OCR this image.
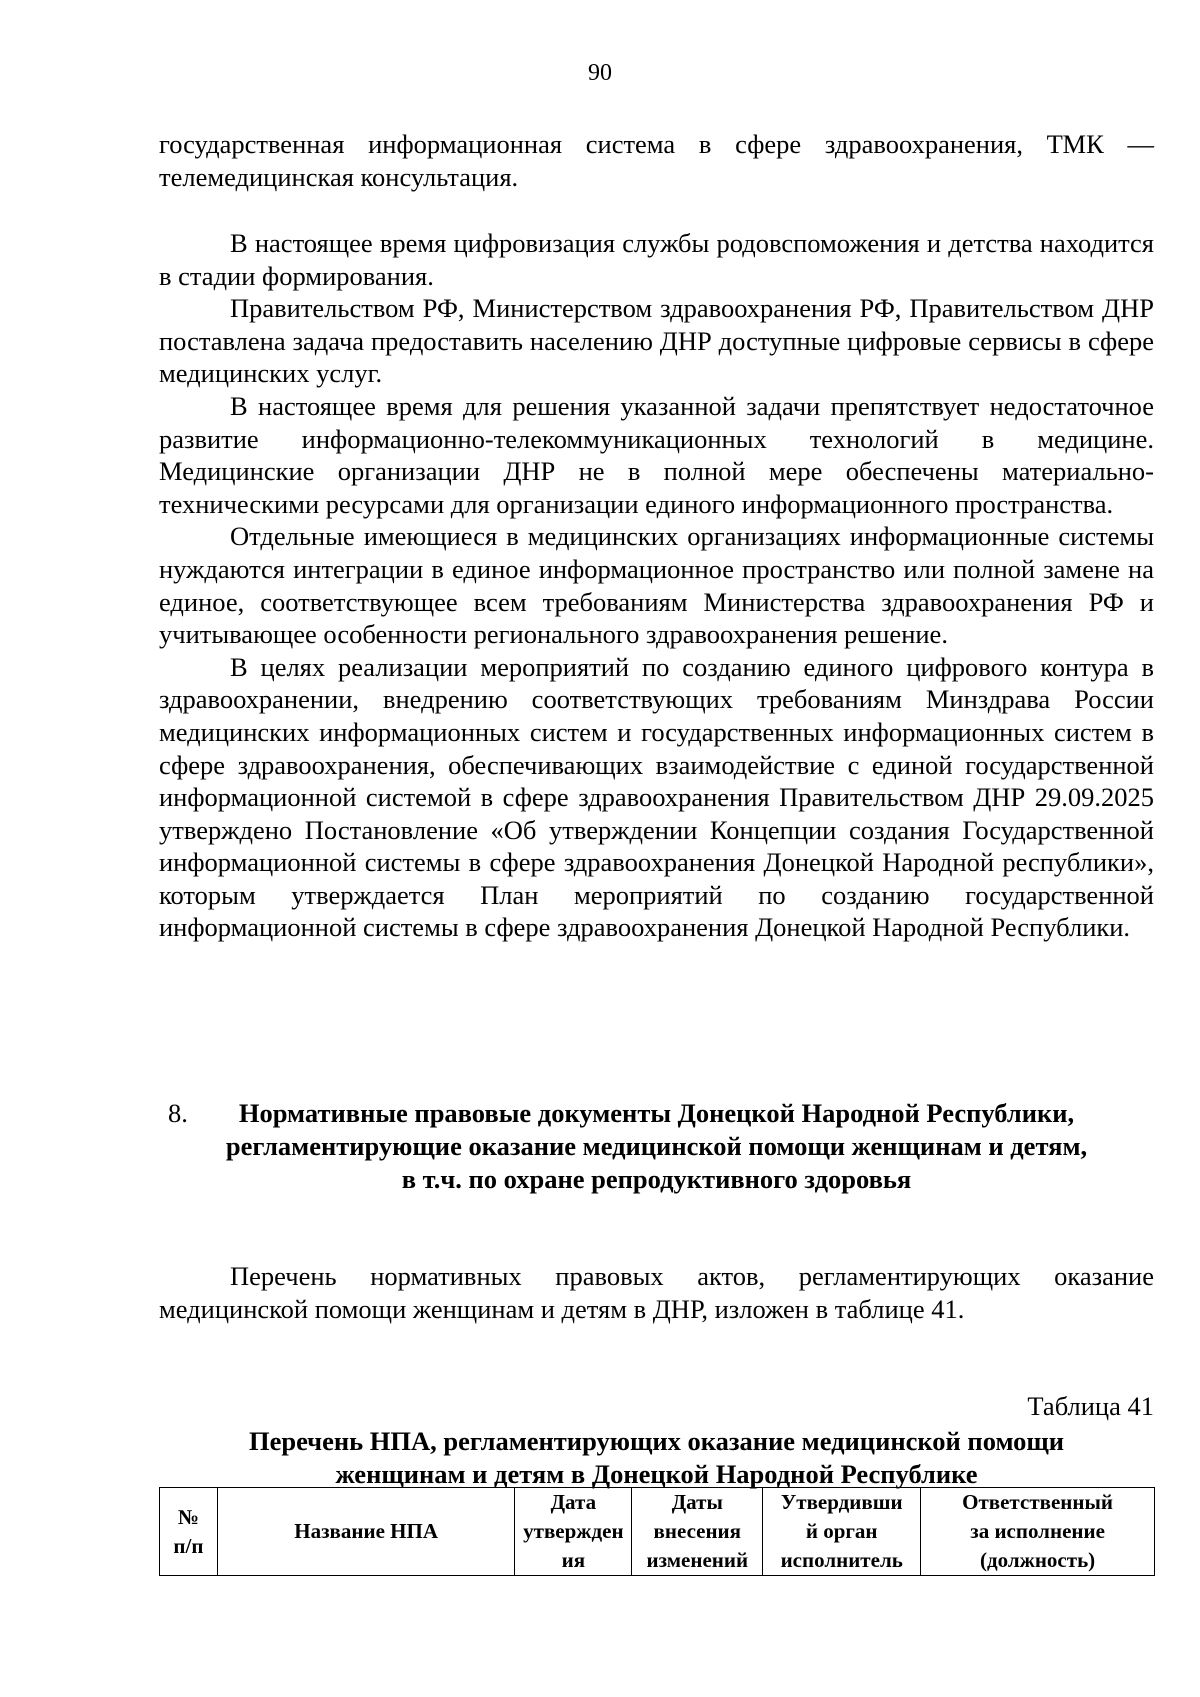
90

государственная информационная система в сфере здравоохранения, ТМК — телемедицинская консультация.

В настоящее время цифровизация службы родовспоможения и детства находится в стадии формирования.

Правительством РФ, Министерством здравоохранения РФ, Правительством ДНР поставлена задача предоставить населению ДНР доступные цифровые сервисы в сфере медицинских услуг.

В настоящее время для решения указанной задачи препятствует недостаточное развитие информационно-телекоммуникационных технологий в медицине. Медицинские организации ДНР не в полной мере обеспечены материально-техническими ресурсами для организации единого информационного пространства.

Отдельные имеющиеся в медицинских организациях информационные системы нуждаются интеграции в единое информационное пространство или полной замене на единое, соответствующее всем требованиям Министерства здравоохранения РФ и учитывающее особенности регионального здравоохранения решение.

В целях реализации мероприятий по созданию единого цифрового контура в здравоохранении, внедрению соответствующих требованиям Минздрава России медицинских информационных систем и государственных информационных систем в сфере здравоохранения, обеспечивающих взаимодействие с единой государственной информационной системой в сфере здравоохранения Правительством ДНР 29.09.2025 утверждено Постановление «Об утверждении Концепции создания Государственной информационной системы в сфере здравоохранения Донецкой Народной республики», которым утверждается План мероприятий по созданию государственной информационной системы в сфере здравоохранения Донецкой Народной Республики.

8.	Нормативные правовые документы Донецкой Народной Республики,
регламентирующие оказание медицинской помощи женщинам и детям,
в т.ч. по охране репродуктивного здоровья

Перечень нормативных правовых актов, регламентирующих оказание медицинской помощи женщинам и детям в ДНР, изложен в таблице 41.

Таблица 41
Перечень НПА, регламентирующих оказание медицинской помощи
женщинам и детям в Донецкой Народной Республике
№
п/п

Название НПА

Дата
утвержден
ия

Даты
внесения
изменений

Утвердивши
й орган
исполнитель

Ответственный
за исполнение
(должность)
